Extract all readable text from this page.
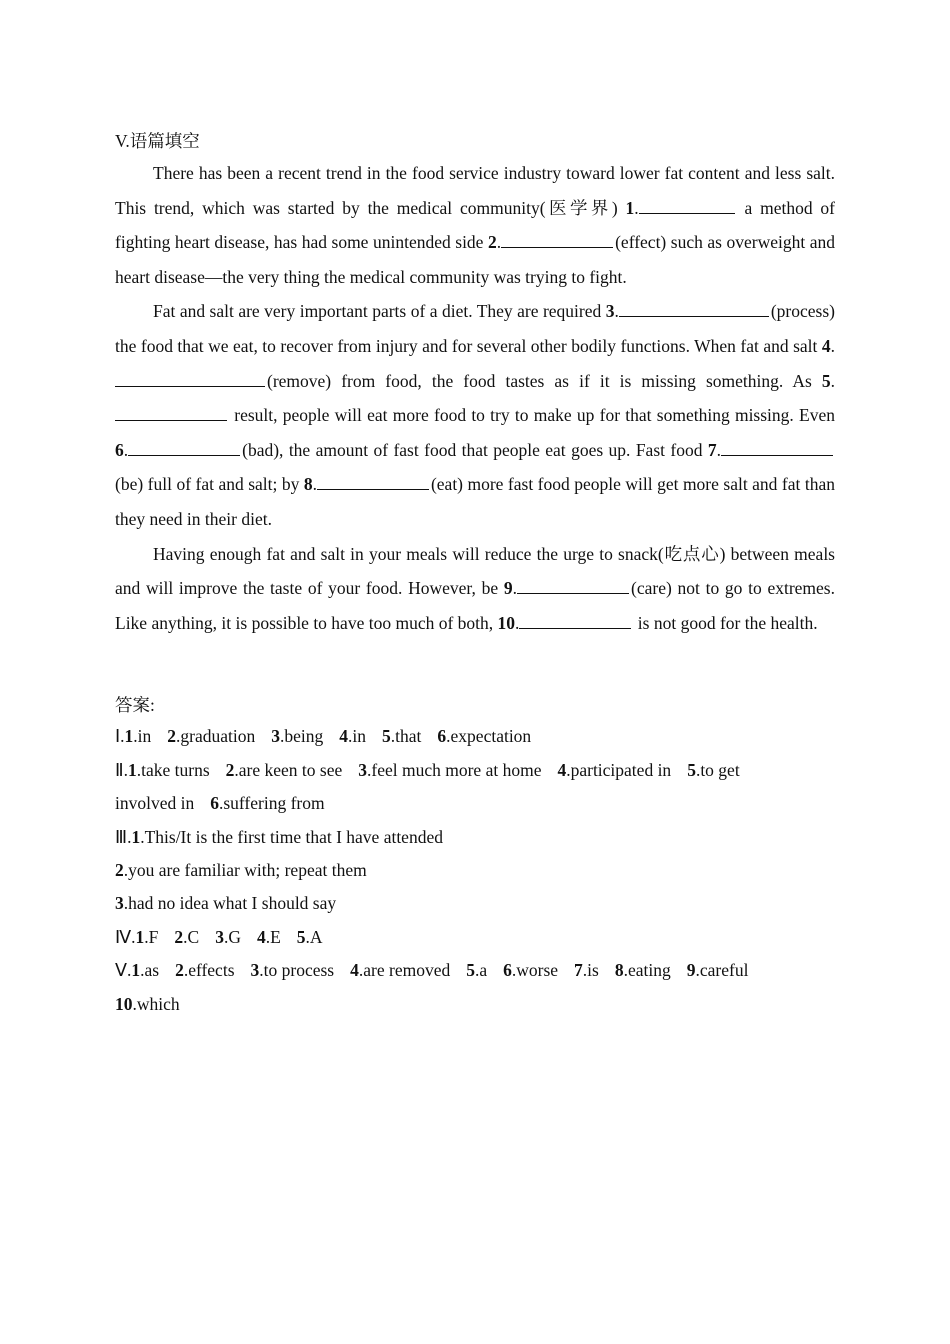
V.语篇填空

There has been a recent trend in the food service industry toward lower fat content and less salt. This trend, which was started by the medical community(医学界) 1.	a method of fighting heart disease, has had some unintended side 2.	(effect) such as overweight and heart disease—the very thing the medical community was trying to fight.

Fat and salt are very important parts of a diet. They are required 3.	(process) the food that we eat, to recover from injury and for several other bodily functions. When fat and salt 4.(remove) from food, the food tastes as if it is missing something. As 5. result, people will eat more food to try to make up for that something missing. Even 6.	(bad), the amount of fast food that people eat goes up. Fast food 7.(be) full of fat and salt; by 8.	(eat) more fast food people will get more salt and fat than they need in their diet.

Having enough fat and salt in your meals will reduce the urge to snack(吃点心) between meals and will improve the taste of your food. However, be 9.	(care) not to go to extremes. Like anything, it is possible to have too much of both, 10.	is not good for the health.

答案:

Ⅰ.1.in 2.graduation 3.being 4.in 5.that 6.expectation

Ⅱ.1.take turns 2.are keen to see 3.feel much more at home 4.participated in 5.to get

involved in 6.suffering from

Ⅲ.1.This/It is the first time that I have attended

2.you are familiar with; repeat them

3.had no idea what I should say

Ⅳ.1.F 2.C 3.G 4.E 5.A

Ⅴ.1.as 2.effects 3.to process 4.are removed 5.a 6.worse 7.is 8.eating 9.careful

10.which
